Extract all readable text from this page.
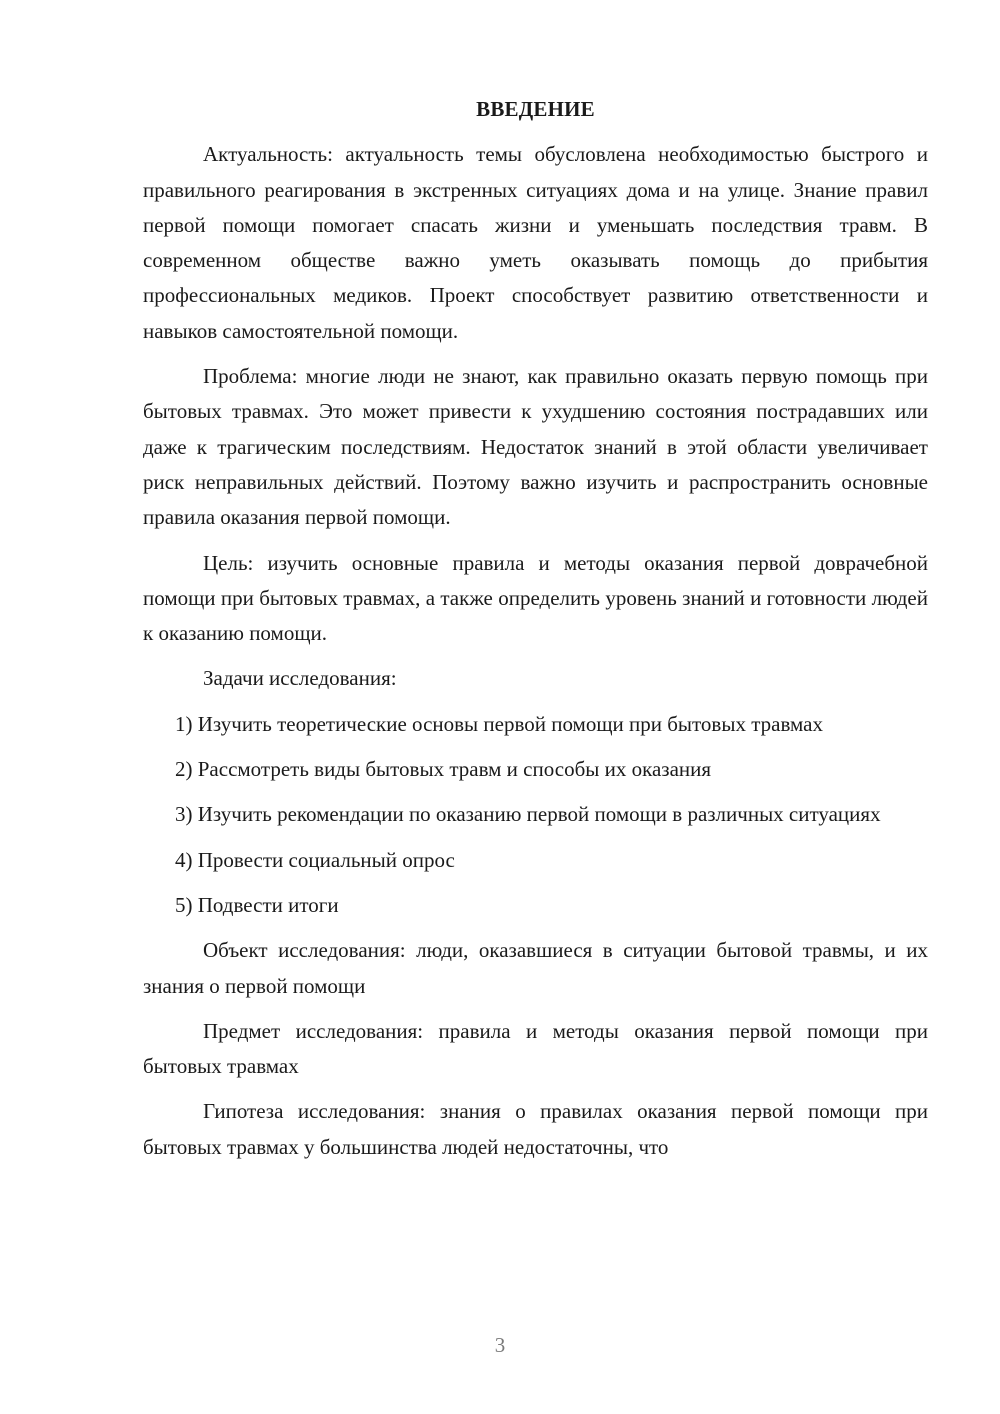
ВВЕДЕНИЕ

Актуальность: актуальность темы обусловлена необходимостью быстрого и правильного реагирования в экстренных ситуациях дома и на улице. Знание правил первой помощи помогает спасать жизни и уменьшать последствия травм. В современном обществе важно уметь оказывать помощь до прибытия профессиональных медиков. Проект способствует развитию ответственности и навыков самостоятельной помощи.

Проблема: многие люди не знают, как правильно оказать первую помощь при бытовых травмах. Это может привести к ухудшению состояния пострадавших или даже к трагическим последствиям. Недостаток знаний в этой области увеличивает риск неправильных действий. Поэтому важно изучить и распространить основные правила оказания первой помощи.

Цель: изучить основные правила и методы оказания первой доврачебной помощи при бытовых травмах, а также определить уровень знаний и готовности людей к оказанию помощи.

Задачи исследования:

1) Изучить теоретические основы первой помощи при бытовых травмах

2) Рассмотреть виды бытовых травм и способы их оказания

3) Изучить рекомендации по оказанию первой помощи в различных ситуациях

4) Провести социальный опрос

5) Подвести итоги

Объект исследования: люди, оказавшиеся в ситуации бытовой травмы, и их знания о первой помощи

Предмет исследования: правила и методы оказания первой помощи при бытовых травмах

Гипотеза исследования: знания о правилах оказания первой помощи при бытовых травмах у большинства людей недостаточны, что

3
